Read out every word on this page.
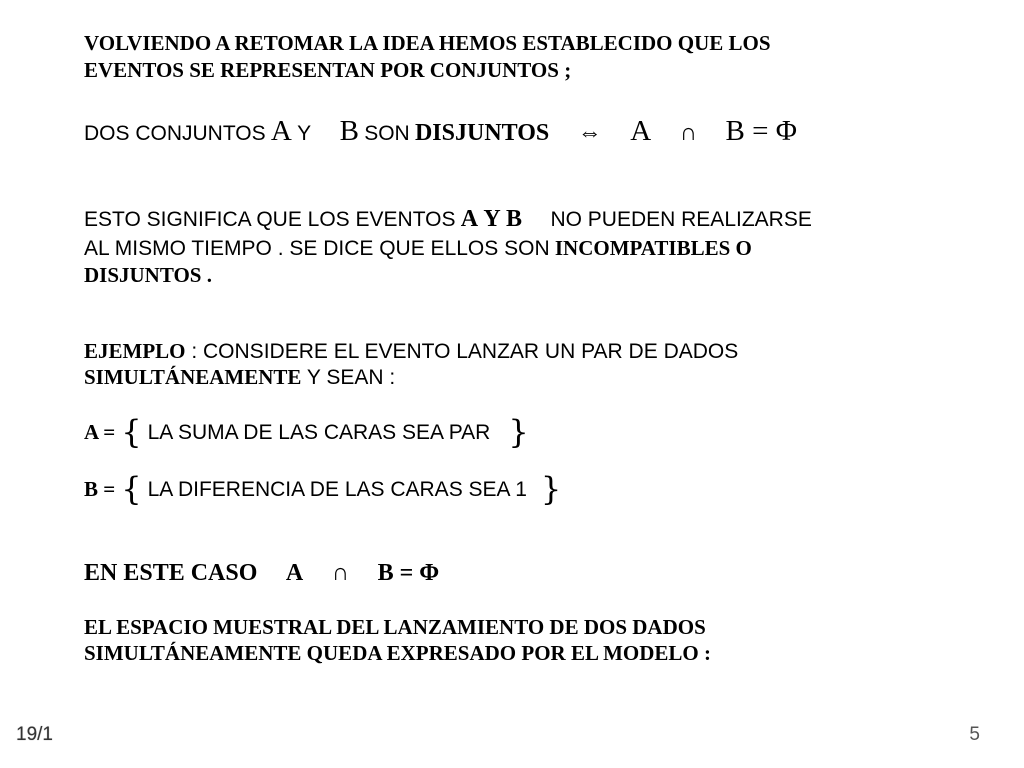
VOLVIENDO A RETOMAR LA IDEA HEMOS ESTABLECIDO QUE LOS
EVENTOS SE REPRESENTAN POR CONJUNTOS ;
DOS CONJUNTOS A Y B SON DISJUNTOS ⇔ A ∩ B = Φ
ESTO SIGNIFICA QUE LOS EVENTOS A Y B NO PUEDEN REALIZARSE
AL MISMO TIEMPO . SE DICE QUE ELLOS SON INCOMPATIBLES O
DISJUNTOS .
EJEMPLO : CONSIDERE EL EVENTO LANZAR UN PAR DE DADOS
SIMULTÁNEAMENTE Y SEAN :
A = { LA SUMA DE LAS CARAS SEA PAR }
B = { LA DIFERENCIA DE LAS CARAS SEA 1 }
EN ESTE CASO A ∩ B = Φ
EL ESPACIO MUESTRAL DEL LANZAMIENTO DE DOS DADOS
SIMULTÁNEAMENTE QUEDA EXPRESADO POR EL MODELO :
19/1	5
